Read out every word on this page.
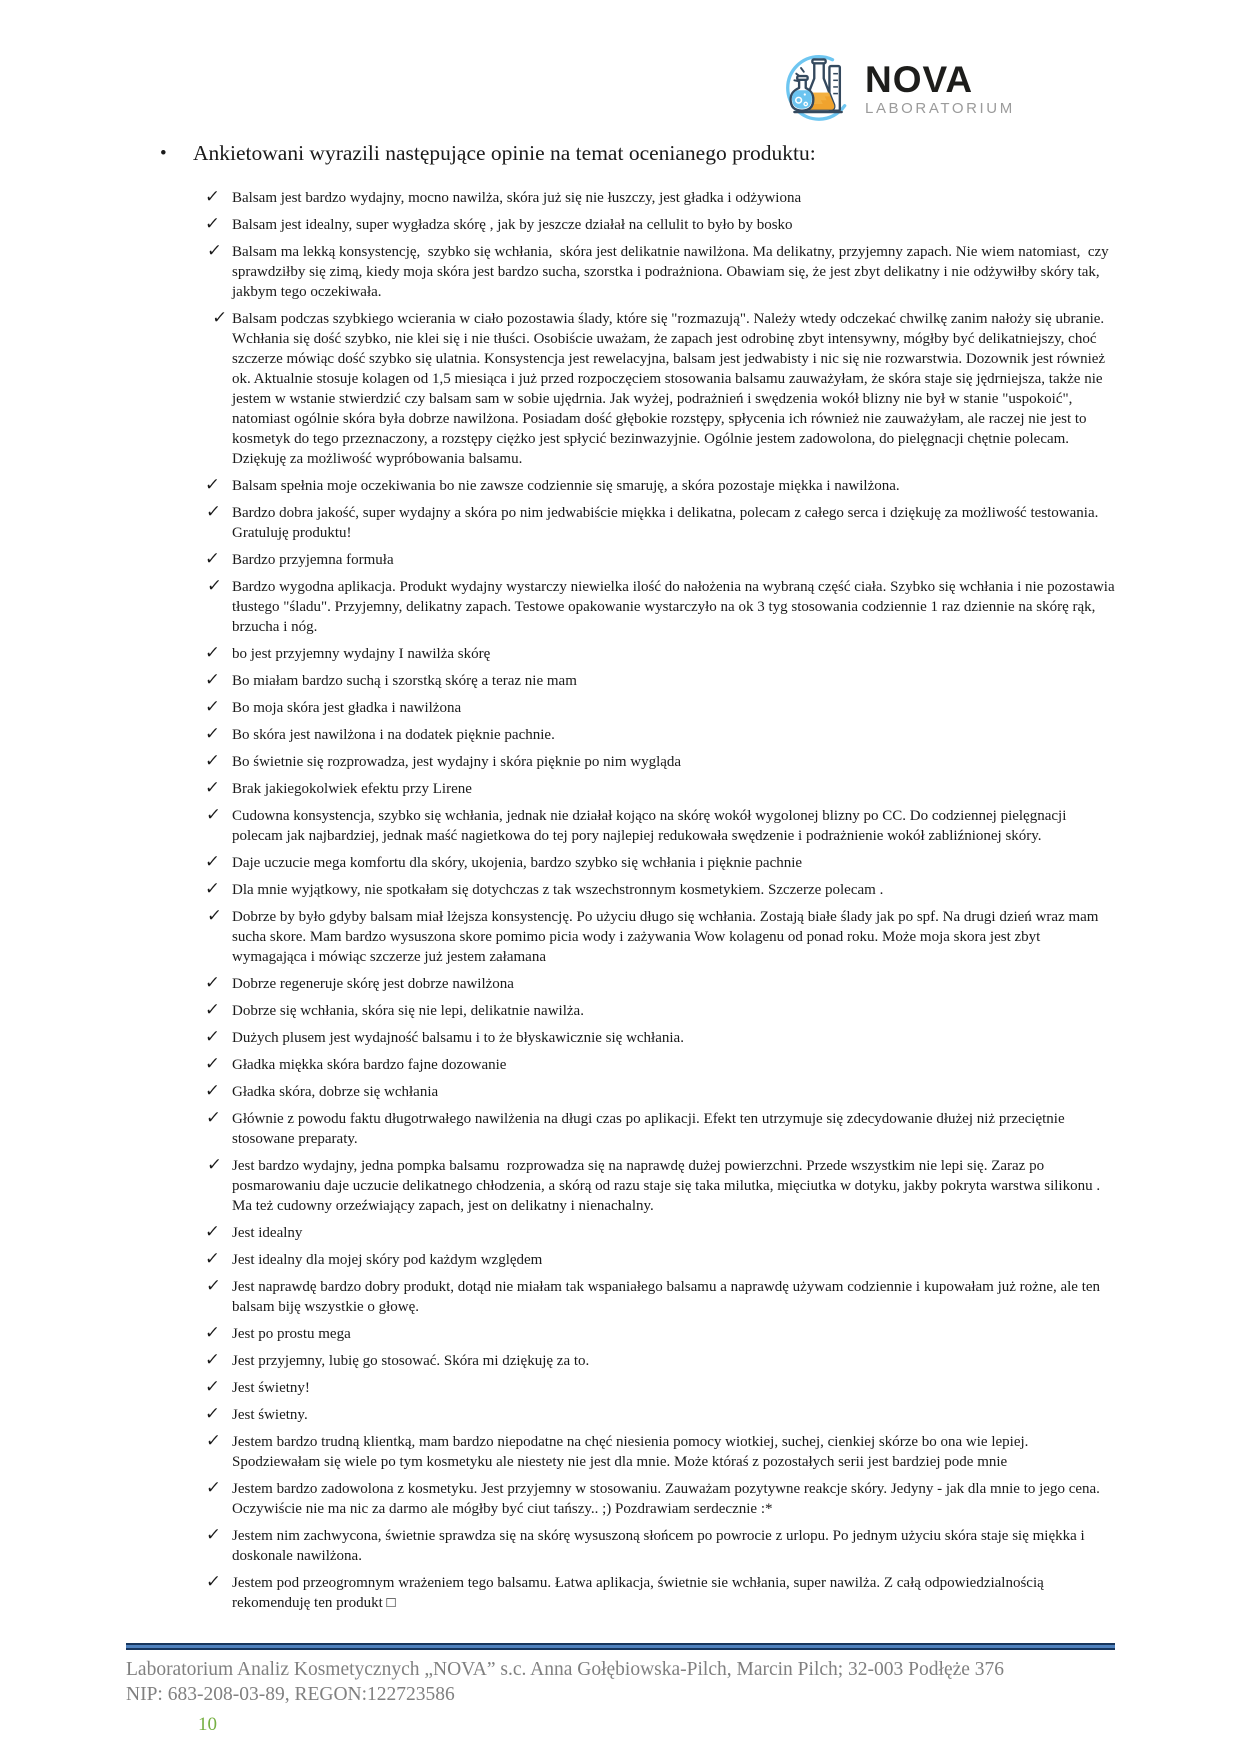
NOVA
LABORATORIUM
•	Ankietowani wyrazili następujące opinie na temat ocenianego produktu:
✓ Balsam jest bardzo wydajny, mocno nawilża, skóra już się nie łuszczy, jest gładka i odżywiona
✓ Balsam jest idealny, super wygładza skórę , jak by jeszcze działał na cellulit to było by bosko
✓ Balsam ma lekką konsystencję,  szybko się wchłania,  skóra jest delikatnie nawilżona. Ma delikatny, przyjemny zapach. Nie wiem natomiast,  czy sprawdziłby się zimą, kiedy moja skóra jest bardzo sucha, szorstka i podrażniona. Obawiam się, że jest zbyt delikatny i nie odżywiłby skóry tak,  jakbym tego oczekiwała.
✓ Balsam podczas szybkiego wcierania w ciało pozostawia ślady, które się "rozmazują". Należy wtedy odczekać chwilkę zanim nałoży się ubranie. Wchłania się dość szybko, nie klei się i nie tłuści. Osobiście uważam, że zapach jest odrobinę zbyt intensywny, mógłby być delikatniejszy, choć szczerze mówiąc dość szybko się ulatnia. Konsystencja jest rewelacyjna, balsam jest jedwabisty i nic się nie rozwarstwia. Dozownik jest również ok. Aktualnie stosuje kolagen od 1,5 miesiąca i już przed rozpoczęciem stosowania balsamu zauważyłam, że skóra staje się jędrniejsza, także nie jestem w wstanie stwierdzić czy balsam sam w sobie ujędrnia. Jak wyżej, podrażnień i swędzenia wokół blizny nie był w stanie "uspokoić", natomiast ogólnie skóra była dobrze nawilżona. Posiadam dość głębokie rozstępy, spłycenia ich również nie zauważyłam, ale raczej nie jest to kosmetyk do tego przeznaczony, a rozstępy ciężko jest spłycić bezinwazyjnie. Ogólnie jestem zadowolona, do pielęgnacji chętnie polecam. Dziękuję za możliwość wypróbowania balsamu.
✓ Balsam spełnia moje oczekiwania bo nie zawsze codziennie się smaruję, a skóra pozostaje miękka i nawilżona.
✓ Bardzo dobra jakość, super wydajny a skóra po nim jedwabiście miękka i delikatna, polecam z całego serca i dziękuję za możliwość testowania. Gratuluję produktu!
✓ Bardzo przyjemna formuła
✓ Bardzo wygodna aplikacja. Produkt wydajny wystarczy niewielka ilość do nałożenia na wybraną część ciała. Szybko się wchłania i nie pozostawia tłustego "śladu". Przyjemny, delikatny zapach. Testowe opakowanie wystarczyło na ok 3 tyg stosowania codziennie 1 raz dziennie na skórę rąk, brzucha i nóg.
✓ bo jest przyjemny wydajny I nawilża skórę
✓ Bo miałam bardzo suchą i szorstką skórę a teraz nie mam
✓ Bo moja skóra jest gładka i nawilżona
✓ Bo skóra jest nawilżona i na dodatek pięknie pachnie.
✓ Bo świetnie się rozprowadza, jest wydajny i skóra pięknie po nim wygląda
✓ Brak jakiegokolwiek efektu przy Lirene
✓ Cudowna konsystencja, szybko się wchłania, jednak nie działał kojąco na skórę wokół wygolonej blizny po CC. Do codziennej pielęgnacji polecam jak najbardziej, jednak maść nagietkowa do tej pory najlepiej redukowała swędzenie i podrażnienie wokół zabliźnionej skóry.
✓ Daje uczucie mega komfortu dla skóry, ukojenia, bardzo szybko się wchłania i pięknie pachnie
✓ Dla mnie wyjątkowy, nie spotkałam się dotychczas z tak wszechstronnym kosmetykiem. Szczerze polecam .
✓ Dobrze by było gdyby balsam miał lżejsza konsystencję. Po użyciu długo się wchłania. Zostają białe ślady jak po spf. Na drugi dzień wraz mam sucha skore. Mam bardzo wysuszona skore pomimo picia wody i zażywania Wow kolagenu od ponad roku. Może moja skora jest zbyt wymagająca i mówiąc szczerze już jestem załamana
✓ Dobrze regeneruje skórę jest dobrze nawilżona
✓ Dobrze się wchłania, skóra się nie lepi, delikatnie nawilża.
✓ Dużych plusem jest wydajność balsamu i to że błyskawicznie się wchłania.
✓ Gładka miękka skóra bardzo fajne dozowanie
✓ Gładka skóra, dobrze się wchłania
✓ Głównie z powodu faktu długotrwałego nawilżenia na długi czas po aplikacji. Efekt ten utrzymuje się zdecydowanie dłużej niż przeciętnie stosowane preparaty.
✓ Jest bardzo wydajny, jedna pompka balsamu  rozprowadza się na naprawdę dużej powierzchni. Przede wszystkim nie lepi się. Zaraz po posmarowaniu daje uczucie delikatnego chłodzenia, a skórą od razu staje się taka milutka, mięciutka w dotyku, jakby pokryta warstwa silikonu . Ma też cudowny orzeźwiający zapach, jest on delikatny i nienachalny.
✓ Jest idealny
✓ Jest idealny dla mojej skóry pod każdym względem
✓ Jest naprawdę bardzo dobry produkt, dotąd nie miałam tak wspaniałego balsamu a naprawdę używam codziennie i kupowałam już rożne, ale ten balsam biję wszystkie o głowę.
✓ Jest po prostu mega
✓ Jest przyjemny, lubię go stosować. Skóra mi dziękuję za to.
✓ Jest świetny!
✓ Jest świetny.
✓ Jestem bardzo trudną klientką, mam bardzo niepodatne na chęć niesienia pomocy wiotkiej, suchej, cienkiej skórze bo ona wie lepiej. Spodziewałam się wiele po tym kosmetyku ale niestety nie jest dla mnie. Może któraś z pozostałych serii jest bardziej pode mnie
✓ Jestem bardzo zadowolona z kosmetyku. Jest przyjemny w stosowaniu. Zauważam pozytywne reakcje skóry. Jedyny - jak dla mnie to jego cena. Oczywiście nie ma nic za darmo ale mógłby być ciut tańszy.. ;) Pozdrawiam serdecznie :*
✓ Jestem nim zachwycona, świetnie sprawdza się na skórę wysuszoną słońcem po powrocie z urlopu. Po jednym użyciu skóra staje się miękka i doskonale nawilżona.
✓ Jestem pod przeogromnym wrażeniem tego balsamu. Łatwa aplikacja, świetnie sie wchłania, super nawilża. Z całą odpowiedzialnością rekomenduję ten produkt □
Laboratorium Analiz Kosmetycznych „NOVA” s.c. Anna Gołębiowska-Pilch, Marcin Pilch; 32-003 Podłęże 376
NIP: 683-208-03-89, REGON:122723586
10
